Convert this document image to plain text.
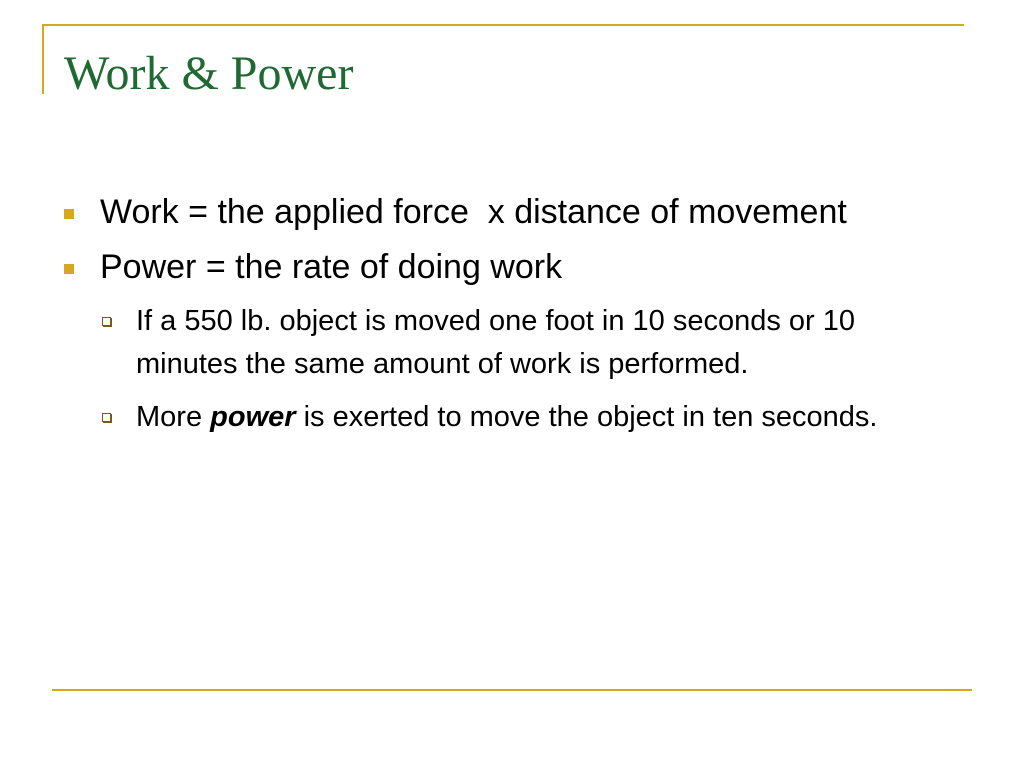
Work & Power
Work = the applied force  x distance of movement
Power = the rate of doing work
If a 550 lb. object is moved one foot in 10 seconds or 10 minutes the same amount of work is performed.
More power is exerted to move the object in ten seconds.
